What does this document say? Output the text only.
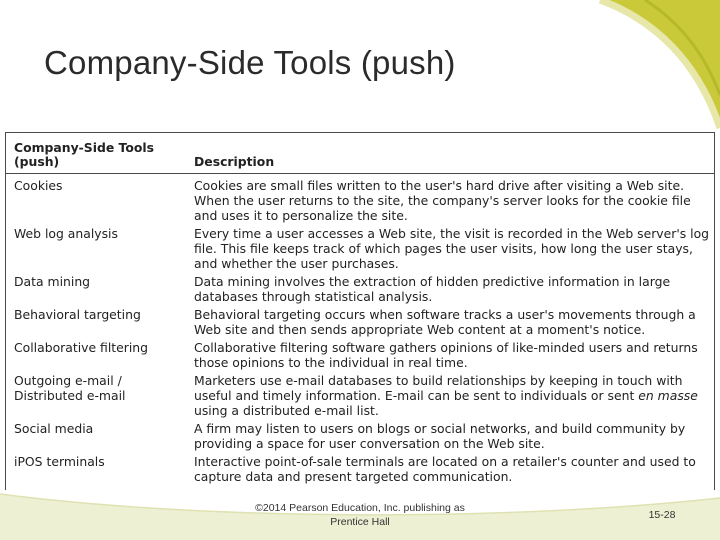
Company-Side Tools (push)
Company-Side Tools (push)	Description
Cookies	Cookies are small files written to the user's hard drive after visiting a Web site. When the user returns to the site, the company's server looks for the cookie file and uses it to personalize the site.
Web log analysis	Every time a user accesses a Web site, the visit is recorded in the Web server's log file. This file keeps track of which pages the user visits, how long the user stays, and whether the user purchases.
Data mining	Data mining involves the extraction of hidden predictive information in large databases through statistical analysis.
Behavioral targeting	Behavioral targeting occurs when software tracks a user's movements through a Web site and then sends appropriate Web content at a moment's notice.
Collaborative filtering	Collaborative filtering software gathers opinions of like-minded users and returns those opinions to the individual in real time.
Outgoing e-mail / Distributed e-mail	Marketers use e-mail databases to build relationships by keeping in touch with useful and timely information. E-mail can be sent to individuals or sent en masse using a distributed e-mail list.
Social media	A firm may listen to users on blogs or social networks, and build community by providing a space for user conversation on the Web site.
iPOS terminals	Interactive point-of-sale terminals are located on a retailer's counter and used to capture data and present targeted communication.
©2014 Pearson Education, Inc. publishing as Prentice Hall
15-28
